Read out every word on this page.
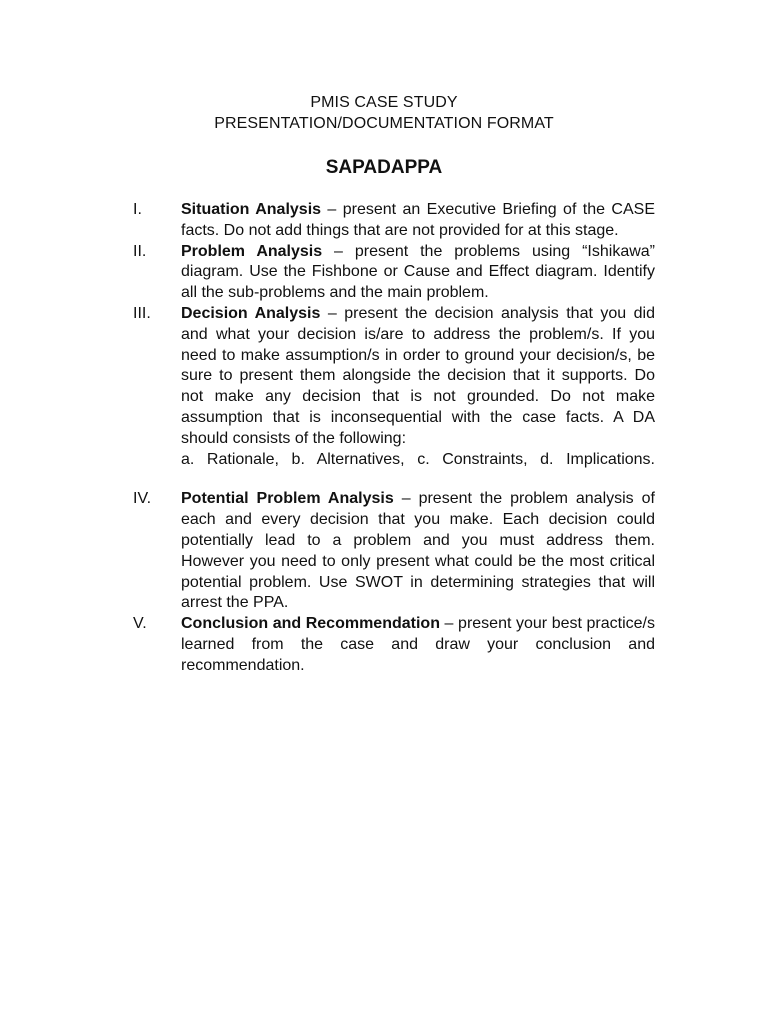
PMIS CASE STUDY
PRESENTATION/DOCUMENTATION FORMAT
SAPADAPPA
I. Situation Analysis – present an Executive Briefing of the CASE facts. Do not add things that are not provided for at this stage.
II. Problem Analysis – present the problems using “Ishikawa” diagram. Use the Fishbone or Cause and Effect diagram. Identify all the sub-problems and the main problem.
III. Decision Analysis – present the decision analysis that you did and what your decision is/are to address the problem/s. If you need to make assumption/s in order to ground your decision/s, be sure to present them alongside the decision that it supports. Do not make any decision that is not grounded. Do not make assumption that is inconsequential with the case facts. A DA should consists of the following:
a. Rationale, b. Alternatives, c. Constraints, d. Implications.
IV. Potential Problem Analysis – present the problem analysis of each and every decision that you make. Each decision could potentially lead to a problem and you must address them. However you need to only present what could be the most critical potential problem. Use SWOT in determining strategies that will arrest the PPA.
V. Conclusion and Recommendation – present your best practice/s learned from the case and draw your conclusion and recommendation.
